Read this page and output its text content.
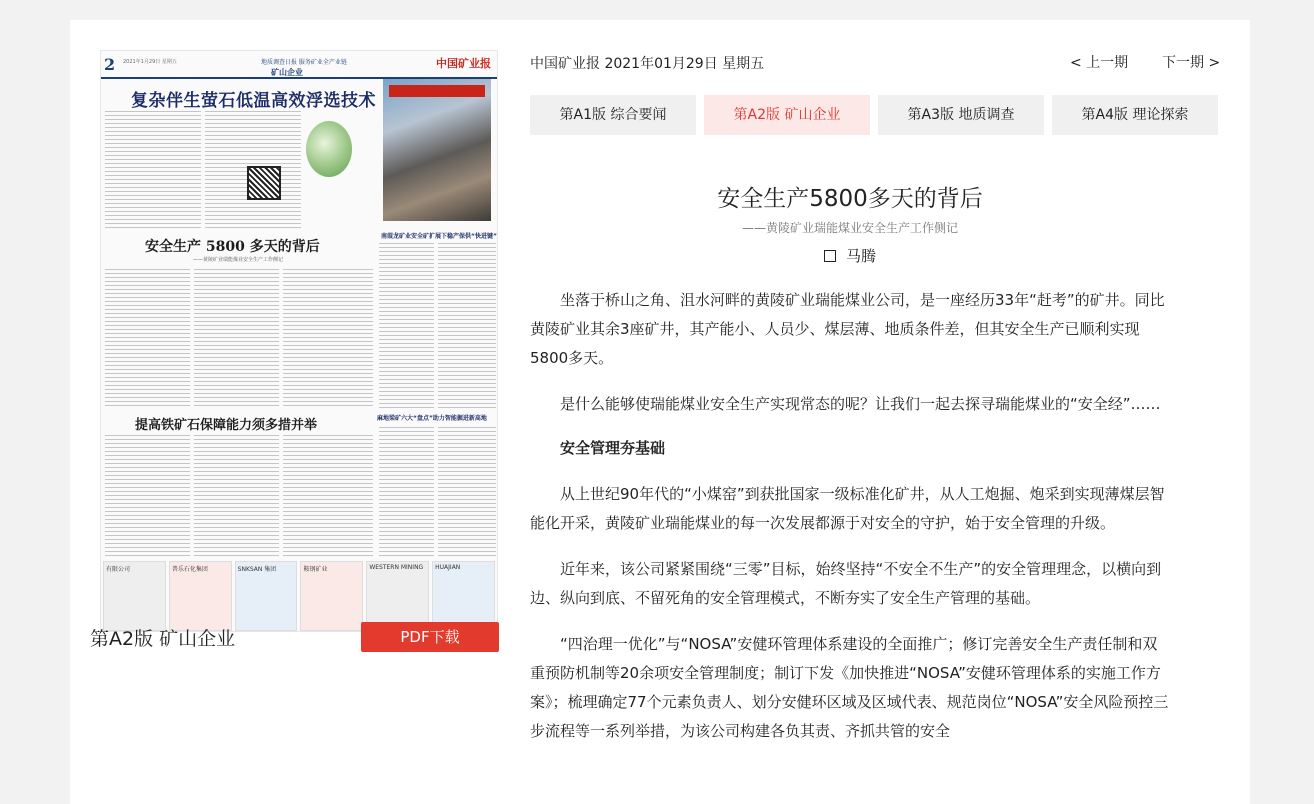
2 2021年1月29日 星期五	地质调查日报 服务矿业全产业链
矿山企业
中国矿业报
复杂伴生萤石低温高效浮选技术
安全生产 5800 多天的背后
——黄陵矿业瑞能煤业安全生产工作侧记
南葭龙矿业安全矿扩展下稳产保供“快进键”
提高铁矿石保障能力须多措并举	麻地梁矿六大“盘点”助力智能掘进新高地
有限公司	普乐石化集团	SNKSAN 集团	鞍钢矿业	WESTERN MINING	HUAJIAN
第A2版 矿山企业	PDF下载
中国矿业报 2021年01月29日 星期五	< 上一期 下一期 >
第A1版 综合要闻	第A2版 矿山企业	第A3版 地质调查	第A4版 理论探索
安全生产5800多天的背后
——黄陵矿业瑞能煤业安全生产工作侧记
马腾

坐落于桥山之角、沮水河畔的黄陵矿业瑞能煤业公司，是一座经历33年“赶考”的矿井。同比黄陵矿业其余3座矿井，其产能小、人员少、煤层薄、地质条件差，但其安全生产已顺利实现5800多天。

是什么能够使瑞能煤业安全生产实现常态的呢？让我们一起去探寻瑞能煤业的“安全经”……

安全管理夯基础

从上世纪90年代的“小煤窑”到获批国家一级标准化矿井，从人工炮掘、炮采到实现薄煤层智能化开采，黄陵矿业瑞能煤业的每一次发展都源于对安全的守护，始于安全管理的升级。

近年来，该公司紧紧围绕“三零”目标，始终坚持“不安全不生产”的安全管理理念，以横向到边、纵向到底、不留死角的安全管理模式，不断夯实了安全生产管理的基础。

“四治理一优化”与“NOSA”安健环管理体系建设的全面推广；修订完善安全生产责任制和双重预防机制等20余项安全管理制度；制订下发《加快推进“NOSA”安健环管理体系的实施工作方案》；梳理确定77个元素负责人、划分安健环区域及区域代表、规范岗位“NOSA”安全风险预控三步流程等一系列举措，为该公司构建各负其责、齐抓共管的安全
